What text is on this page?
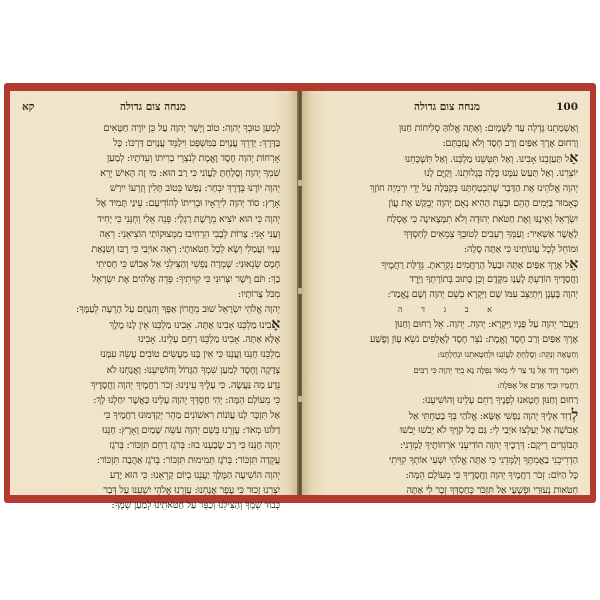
מנחה צום גדולה
קא
לְמַעַן טוּבְךָ יְהוָה: טוֹב וְיָשָׁר יְהוָה עַל כֵּן יוֹרֶה חַטָּאִים
בַּדָּרֶךְ: יַדְרֵךְ עֲנָוִים בַּמִּשְׁפָּט וִילַמֵּד עֲנָוִים דַּרְכּוֹ: כָּל
אָרְחוֹת יְהוָה חֶסֶד וֶאֱמֶת לְנֹצְרֵי בְרִיתוֹ וְעֵדֹתָיו: לְמַעַן
שִׁמְךָ יְהוָה וְסָלַחְתָּ לַעֲוֹנִי כִּי רַב הוּא: מִי זֶה הָאִישׁ יְרֵא
יְהוָה יוֹרֶנּוּ בְּדֶרֶךְ יִבְחָר: נַפְשׁוֹ בְּטוֹב תָּלִין וְזַרְעוֹ יִירַשׁ
אָרֶץ: סוֹד יְהוָה לִירֵאָיו וּבְרִיתוֹ לְהוֹדִיעָם: עֵינַי תָּמִיד אֶל
יְהוָה כִּי הוּא יוֹצִיא מֵרֶשֶׁת רַגְלָי: פְּנֵה אֵלַי וְחָנֵּנִי כִּי יָחִיד
וְעָנִי אָנִי: צָרוֹת לְבָבִי הִרְחִיבוּ מִמְּצוּקוֹתַי הוֹצִיאֵנִי: רְאֵה
עָנְיִי וַעֲמָלִי וְשָׂא לְכָל חַטֹּאותָי: רְאֵה אוֹיְבַי כִּי רָבּוּ וְשִׂנְאַת
חָמָס שְׂנֵאוּנִי: שָׁמְרָה נַפְשִׁי וְהַצִּילֵנִי אַל אֵבוֹשׁ כִּי חָסִיתִי
בָךְ: תֹּם וָיֹשֶׁר יִצְּרוּנִי כִּי קִוִּיתִיךָ: פְּדֵה אֱלֹהִים אֶת יִשְׂרָאֵל
מִכֹּל צָרוֹתָיו:
יְהוָה אֱלֹהֵי יִשְׂרָאֵל שׁוּב מֵחֲרוֹן אַפֶּךָ וְהִנָּחֵם עַל הָרָעָה לְעַמֶּךָ:
אָבִינוּ מַלְכֵּנוּ אָבִינוּ אָתָּה. אָבִינוּ מַלְכֵּנוּ אֵין לָנוּ מֶלֶךְ
אֶלָּא אָתָּה. אָבִינוּ מַלְכֵּנוּ רַחֵם עָלֵינוּ. אָבִינוּ
מַלְכֵּנוּ חָנֵּנוּ וַעֲנֵנוּ כִּי אֵין בָּנוּ מַעֲשִׂים טוֹבִים עֲשֵׂה עִמָּנוּ
צְדָקָה וָחֶסֶד לְמַעַן שִׁמְךָ הַגָּדוֹל וְהוֹשִׁיעֵנוּ: וַאֲנַחְנוּ לֹא
נֵדַע מַה נַּעֲשֶׂה. כִּי עָלֶיךָ עֵינֵינוּ: זְכֹר רַחֲמֶיךָ יְהוָה וַחֲסָדֶיךָ
כִּי מֵעוֹלָם הֵמָּה: יְהִי חַסְדְּךָ יְהוָה עָלֵינוּ כַּאֲשֶׁר יִחַלְנוּ לָךְ:
אַל תִּזְכָּר לָנוּ עֲוֹנוֹת רִאשׁוֹנִים מַהֵר יְקַדְּמוּנוּ רַחֲמֶיךָ כִּי
דַלּוֹנוּ מְאֹד: עֶזְרֵנוּ בְּשֵׁם יְהוָה עֹשֵׂה שָׁמַיִם וָאָרֶץ: חָנֵּנוּ
יְהוָה חָנֵּנוּ כִּי רַב שָׂבַעְנוּ בוּז: בְּרֹגֶז רַחֵם תִּזְכּוֹר: בְּרֹגֶז
עֲקֵדָה תִּזְכּוֹר: בְּרֹגֶז תְּמִימוּת תִּזְכּוֹר: בְּרֹגֶז אַהֲבָה תִּזְכּוֹר:
יְהוָה הוֹשִׁיעָה הַמֶּלֶךְ יַעֲנֵנוּ בְיוֹם קָרְאֵנוּ: כִּי הוּא יָדַע
יִצְרֵנוּ זָכוּר כִּי עָפָר אֲנָחְנוּ: עָזְרֵנוּ אֱלֹהֵי יִשְׁעֵנוּ עַל דְּבַר
כְּבוֹד שְׁמֶךָ וְהַצִּילֵנוּ וְכַפֵּר עַל חַטֹּאתֵינוּ לְמַעַן שְׁמֶךָ:
מנחה צום גדולה	100
וְאַשְׁמָתֵנוּ גָּדְלָה עַד לַשָּׁמָיִם: וְאַתָּה אֱלוֹהַּ סְלִיחוֹת חַנּוּן
וְרַחוּם אֶרֶךְ אַפַּיִם וְרַב חֶסֶד וְלֹא עֲזַבְתָּם:
אַל תַּעַזְבֵנוּ אָבִינוּ. וְאַל תִּטְּשֵׁנוּ מַלְכֵּנוּ. וְאַל תִּשְׁכָּחֵנוּ
יוֹצְרֵנוּ. וְאַל תַּעַשׂ עִמָּנוּ כָּלָה בְּגָלוּתֵנוּ. וְקַיֶּם לָנוּ
יְהוָה אֱלֹהֵינוּ אֶת הַדָּבָר שֶׁהִבְטַחְתָּנוּ בְּקַבָּלָה עַל יְדֵי יִרְמְיָה חוֹזָךְ
כָּאָמוּר בַּיָּמִים הָהֵם וּבָעֵת הַהִיא נְאֻם יְהוָה יְבֻקַּשׁ אֶת עֲוֹן
יִשְׂרָאֵל וְאֵינֶנּוּ וְאֶת חַטֹּאת יְהוּדָה וְלֹא תִמָּצֶאינָה כִּי אֶסְלַח
לַאֲשֶׁר אַשְׁאִיר: וְעַמְּךָ רְעֵבִים לְטוּבְךָ צְמֵאִים לְחַסְדְּךָ
וּמוֹחֵל לְכָל עֲוֹנוֹתֵינוּ כִּי אַתָּה סֶלָה:
אֵל אֶרֶךְ אַפַּיִם אַתָּה וּבַעַל הָרַחֲמִים נִקְרֵאתָ. גְּדֻלַּת רַחֲמֶיךָ
וַחֲסָדֶיךָ הוֹדַעְתָּ לֶעָנָו מִקֶּדֶם וְכֵן כָּתוּב בְּתוֹרָתְךָ וַיֵּרֶד
יְהוָה בֶּעָנָן וַיִּתְיַצֵּב עִמּוֹ שָׁם וַיִּקְרָא בְשֵׁם יְהוָה וְשָׁם נֶאֱמַר:
א ב ג ד ה
וַיַּעֲבֹר יְהוָה עַל פָּנָיו וַיִּקְרָא: יְהוָה. יְהוָה. אֵל רַחוּם וְחַנּוּן
אֶרֶךְ אַפַּיִם וְרַב חֶסֶד וֶאֱמֶת: נֹצֵר חֶסֶד לָאֲלָפִים נֹשֵׂא עָוֹן וָפֶשַׁע
וְחַטָּאָה וְנַקֵּה: וְסָלַחְתָּ לַעֲוֹנֵנוּ וּלְחַטָּאתֵנוּ וּנְחַלְתָּנוּ:
וַיֹּאמֶר דָּוִד אֶל גָּד צַר לִי מְאֹד נִפְּלָה נָּא בְיַד יְהוָה כִּי רַבִּים
רַחֲמָיו וּבְיַד אָדָם אַל אֶפֹּלָה:
רַחוּם וְחַנּוּן חָטָאנוּ לְפָנֶיךָ רַחֵם עָלֵינוּ וְהוֹשִׁיעֵנוּ:
לְדָוִד אֵלֶיךָ יְהוָה נַפְשִׁי אֶשָּׂא: אֱלֹהַי בְּךָ בָטַחְתִּי אַל
אֵבוֹשָׁה אַל יַעַלְצוּ אֹיְבַי לִי: גַּם כָּל קֹוֶיךָ לֹא יֵבֹשׁוּ יֵבֹשׁוּ
הַבּוֹגְדִים רֵיקָם: דְּרָכֶיךָ יְהוָה הוֹדִיעֵנִי אֹרְחוֹתֶיךָ לַמְּדֵנִי:
הַדְרִיכֵנִי בַאֲמִתֶּךָ וְלַמְּדֵנִי כִּי אַתָּה אֱלֹהֵי יִשְׁעִי אוֹתְךָ קִוִּיתִי
כָּל הַיּוֹם: זְכֹר רַחֲמֶיךָ יְהוָה וַחֲסָדֶיךָ כִּי מֵעוֹלָם הֵמָּה:
חַטֹּאות נְעוּרַי וּפְשָׁעַי אַל תִּזְכֹּר כְּחַסְדְּךָ זְכָר לִי אַתָּה
